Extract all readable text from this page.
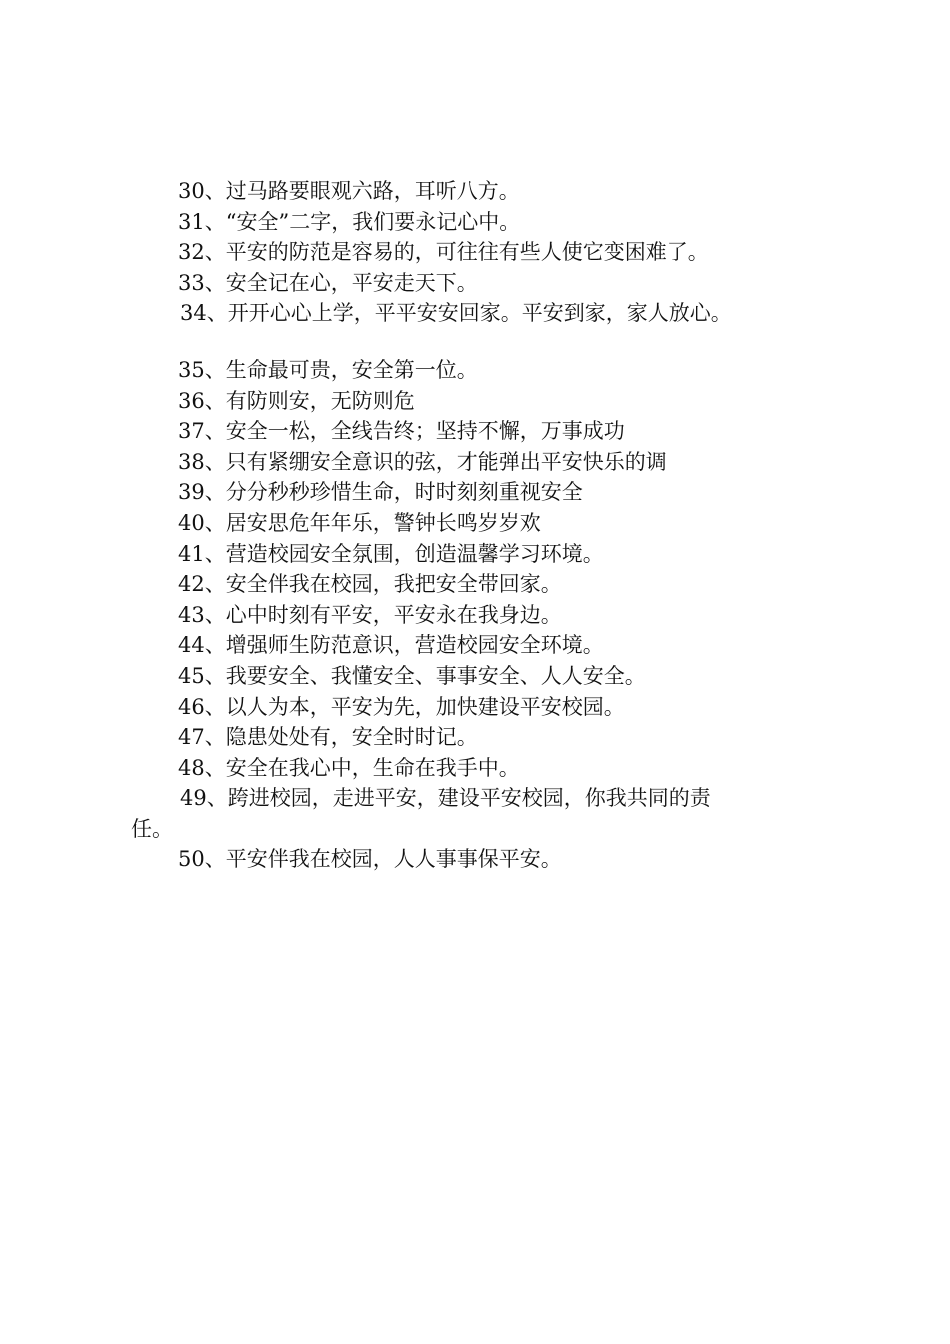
30、过马路要眼观六路，耳听八方。
31、“安全”二字，我们要永记心中。
32、平安的防范是容易的，可往往有些人使它变困难了。
33、安全记在心，平安走天下。
34、开开心心上学，平平安安回家。平安到家，家人放心。
35、生命最可贵，安全第一位。
36、有防则安，无防则危
37、安全一松，全线告终；坚持不懈，万事成功
38、只有紧绷安全意识的弦，才能弹出平安快乐的调
39、分分秒秒珍惜生命，时时刻刻重视安全
40、居安思危年年乐，警钟长鸣岁岁欢
41、营造校园安全氛围，创造温馨学习环境。
42、安全伴我在校园，我把安全带回家。
43、心中时刻有平安，平安永在我身边。
44、增强师生防范意识，营造校园安全环境。
45、我要安全、我懂安全、事事安全、人人安全。
46、以人为本，平安为先，加快建设平安校园。
47、隐患处处有，安全时时记。
48、安全在我心中，生命在我手中。
49、跨进校园，走进平安，建设平安校园，你我共同的责
任。
50、平安伴我在校园，人人事事保平安。
